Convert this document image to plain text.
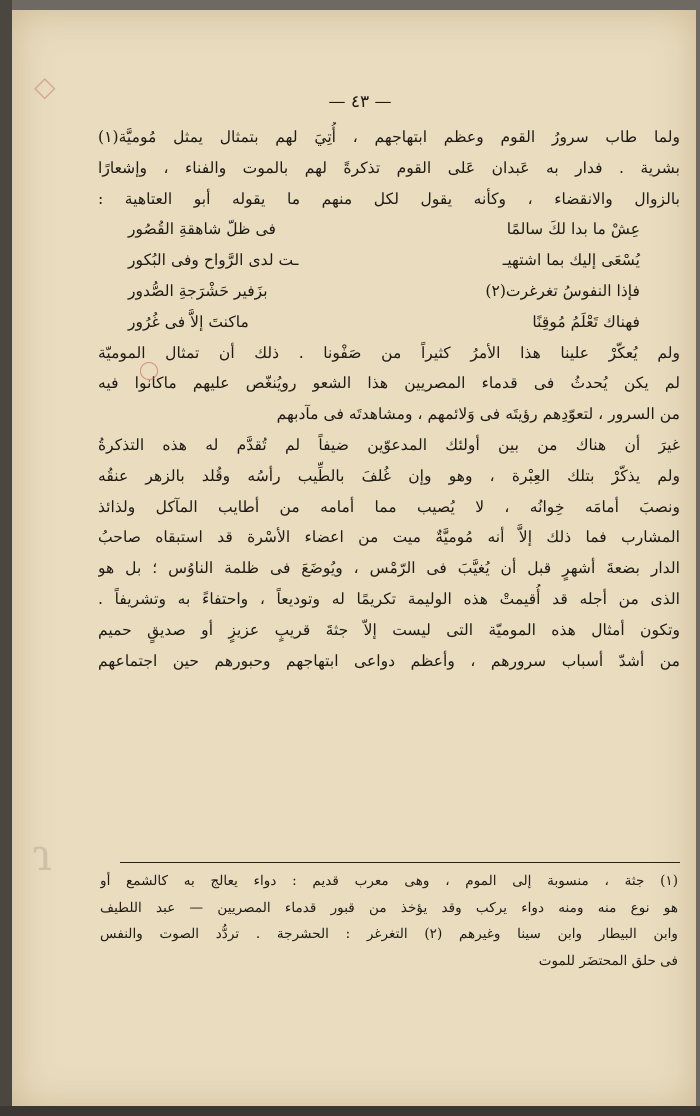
◇
ɿ
— ٤٣ —
ولما طاب سرورُ القوم وعظم ابتهاجهم ، أُتِيَ لهم بتمثال يمثل مُوميَّة(١)
بشرية . فدار به عَبدان عَلى القوم تذكرةً لهم بالموت والفناء ، وإشعارًا
بالزوال والانقضاء ، وكأنه يقول لكل منهم ما يقوله أبو العتاهية :
عِشْ ما بدا لكَ سالمًا
فى ظلّ شاهقةِ القُصُور
يُسْعَى إليك بما اشتهيـ
ـت لدى الرَّواح وفى البُكور
فإذا النفوسُ تغرغرت(٢)
بزَفير حَشْرَجةِ الصُّدور
فهناك تَعْلَمُ مُوقِنًا
ماكنتَ إلاَّ فى غُرُور
ولم يُعكّرْ علينا هذا الأمرُ كثيراً من صَفْونا . ذلك أن تمثال الموميّة
لم يكن يُحدثُ فى قدماء المصريين هذا الشعو رويُنغّص عليهم ماكانوا فيه
من السرور ، لتعوّدِهم رؤيتَه فى وَلائمهم ، ومشاهدتَه فى مآدبهم
غيرَ أن هناك من بين أولئك المدعوّين ضيفاً لم تُقدَّم له هذه التذكرةُ
ولم يذكّرْ بتلك العِبْرة ، وهو وإن غُلفَ بالطِّيب رأسُه وقُلد بالزهر عنقُه
ونصبَ أمامَه خِوانُه ، لا يُصيب مما أمامه من أطايب المآكل ولذائذ
المشارب فما ذلك إلاَّ أنه مُوميَّةٌ ميت من اعضاء الأسْرة قد استبقاه صاحبُ
الدار بضعةَ أشهرٍ قبل أن يُغيَّبَ فى الرّمْس ، ويُوضَعَ فى ظلمة الناوُس ؛ بل هو
الذى من أجله قد أُقيمتْ هذه الوليمة تكريمًا له وتوديعاً ، واحتفاءً به وتشريفاً .
وتكون أمثال هذه الموميّة التى ليست إلاّ جثةَ قريبٍ عزيزٍ أو صديقٍ حميم
من أشدّ أسباب سرورهم ، وأعظم دواعى ابتهاجهم وحبورهم حين اجتماعهم
(١) جثة ، منسوبة إلى الموم ، وهى معرب قديم : دواء يعالج به كالشمع أو
هو نوع منه ومنه دواء يركب وقد يؤخذ من قبور قدماء المصريين — عبد اللطيف
وابن البيطار وابن سينا وغيرهم (٢) التغرغر : الحشرجة . تردُّد الصوت والنفس
فى حلق المحتضَر للموت
